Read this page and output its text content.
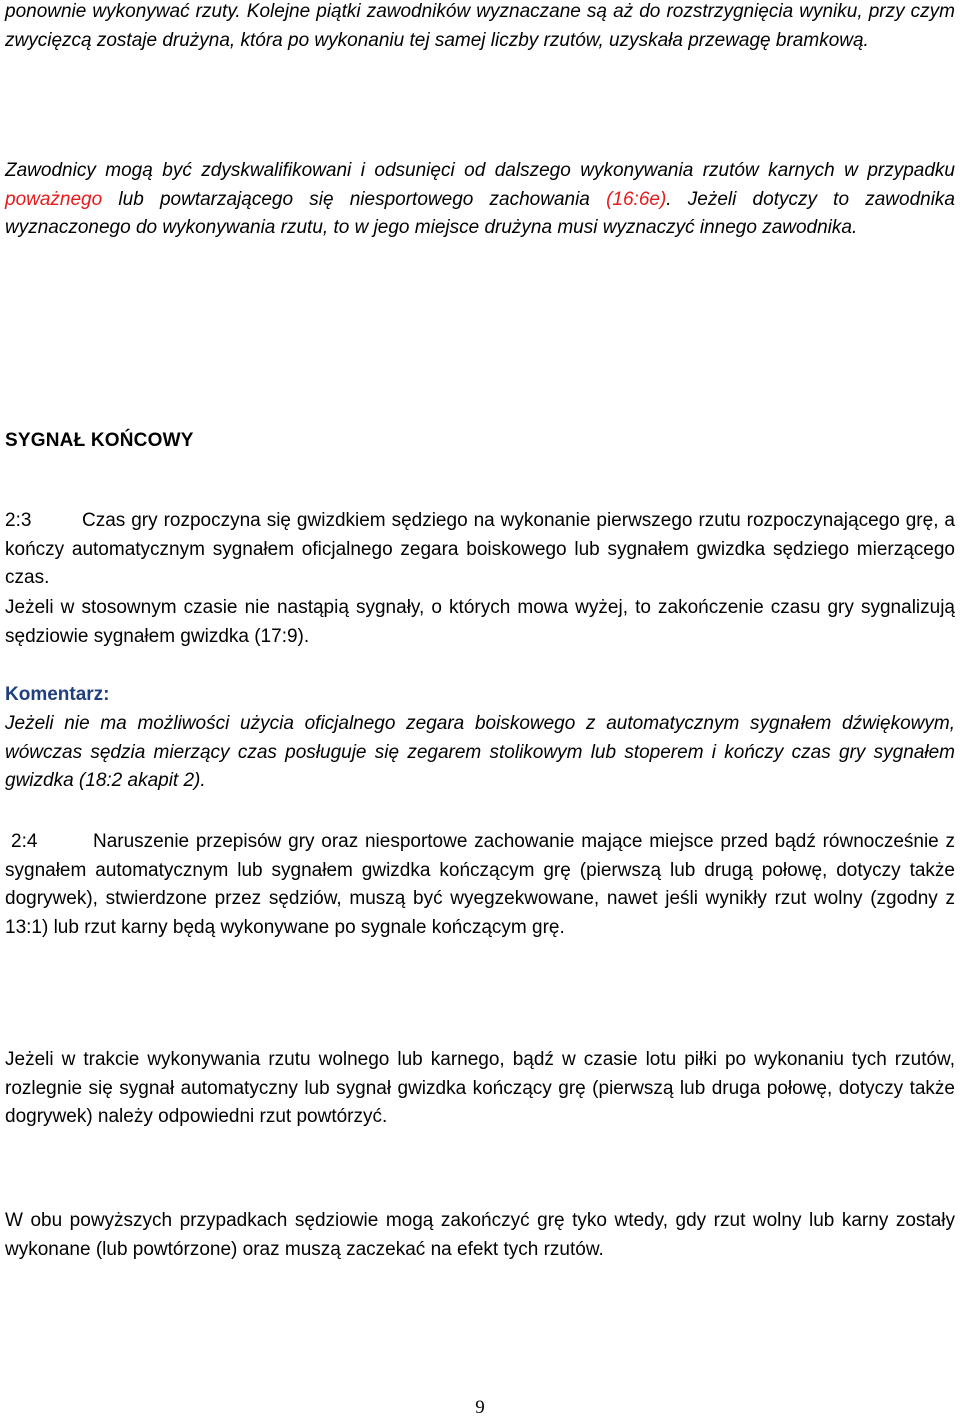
ponownie wykonywać rzuty. Kolejne piątki zawodników wyznaczane są aż do rozstrzygnięcia wyniku, przy czym zwycięzcą zostaje drużyna, która po wykonaniu tej samej liczby rzutów, uzyskała przewagę bramkową.

Zawodnicy mogą być zdyskwalifikowani i odsunięci od dalszego wykonywania rzutów karnych w przypadku poważnego lub powtarzającego się niesportowego zachowania (16:6e). Jeżeli dotyczy to zawodnika wyznaczonego do wykonywania rzutu, to w jego miejsce drużyna musi wyznaczyć innego zawodnika.

SYGNAŁ KOŃCOWY

2:3	Czas gry rozpoczyna się gwizdkiem sędziego na wykonanie pierwszego rzutu rozpoczynającego grę, a kończy automatycznym sygnałem oficjalnego zegara boiskowego lub sygnałem gwizdka sędziego mierzącego czas.

Jeżeli w stosownym czasie nie nastąpią sygnały, o których mowa wyżej, to zakończenie czasu gry sygnalizują sędziowie sygnałem gwizdka (17:9).

Komentarz:

Jeżeli nie ma możliwości użycia oficjalnego zegara boiskowego z automatycznym sygnałem dźwiękowym, wówczas sędzia mierzący czas posługuje się zegarem stolikowym lub stoperem i kończy czas gry sygnałem gwizdka (18:2 akapit 2).

2:4	Naruszenie przepisów gry oraz niesportowe zachowanie mające miejsce przed bądź równocześnie z sygnałem automatycznym lub sygnałem gwizdka kończącym grę (pierwszą lub drugą połowę, dotyczy także dogrywek), stwierdzone przez sędziów, muszą być wyegzekwowane, nawet jeśli wynikły rzut wolny (zgodny z 13:1) lub rzut karny będą wykonywane po sygnale kończącym grę.

Jeżeli w trakcie wykonywania rzutu wolnego lub karnego, bądź w czasie lotu piłki po wykonaniu tych rzutów, rozlegnie się sygnał automatyczny lub sygnał gwizdka kończący grę (pierwszą lub druga połowę, dotyczy także dogrywek) należy odpowiedni rzut powtórzyć.

W obu powyższych przypadkach sędziowie mogą zakończyć grę tyko wtedy, gdy rzut wolny lub karny zostały wykonane (lub powtórzone) oraz muszą zaczekać na efekt tych rzutów.

9
